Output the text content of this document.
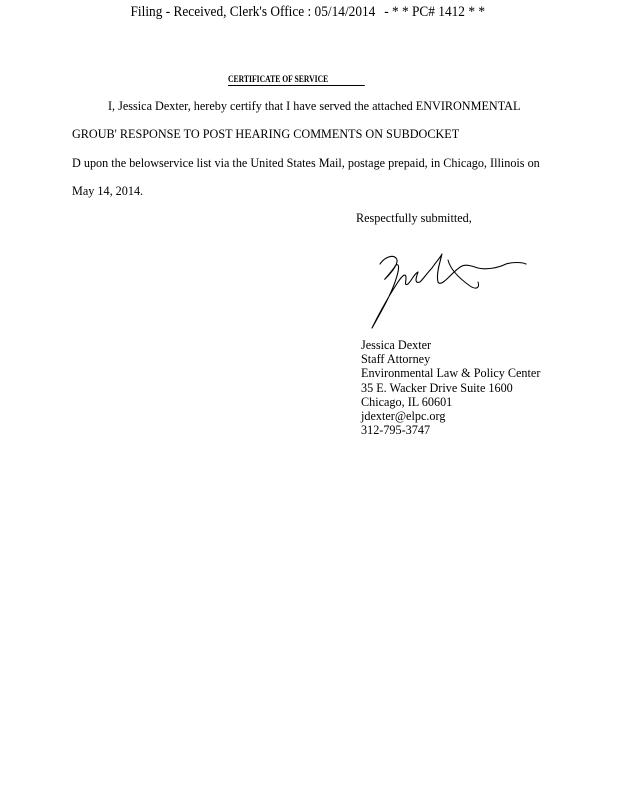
Filing - Received, Clerk's Office : 05/14/2014 - * * PC# 1412 * *
CERTIFICATE OF SERVICE
I, Jessica Dexter, hereby certify that I have served the attached ENVIRONMENTAL
GROUB' RESPONSE TO POST HEARING COMMENTS ON SUBDOCKET
D upon the belowservice list via the United States Mail, postage prepaid, in Chicago, Illinois on
May 14, 2014.
Respectfully submitted,
Jessica Dexter
Staff Attorney
Environmental Law & Policy Center
35 E. Wacker Drive Suite 1600
Chicago, IL 60601
jdexter@elpc.org
312-795-3747
